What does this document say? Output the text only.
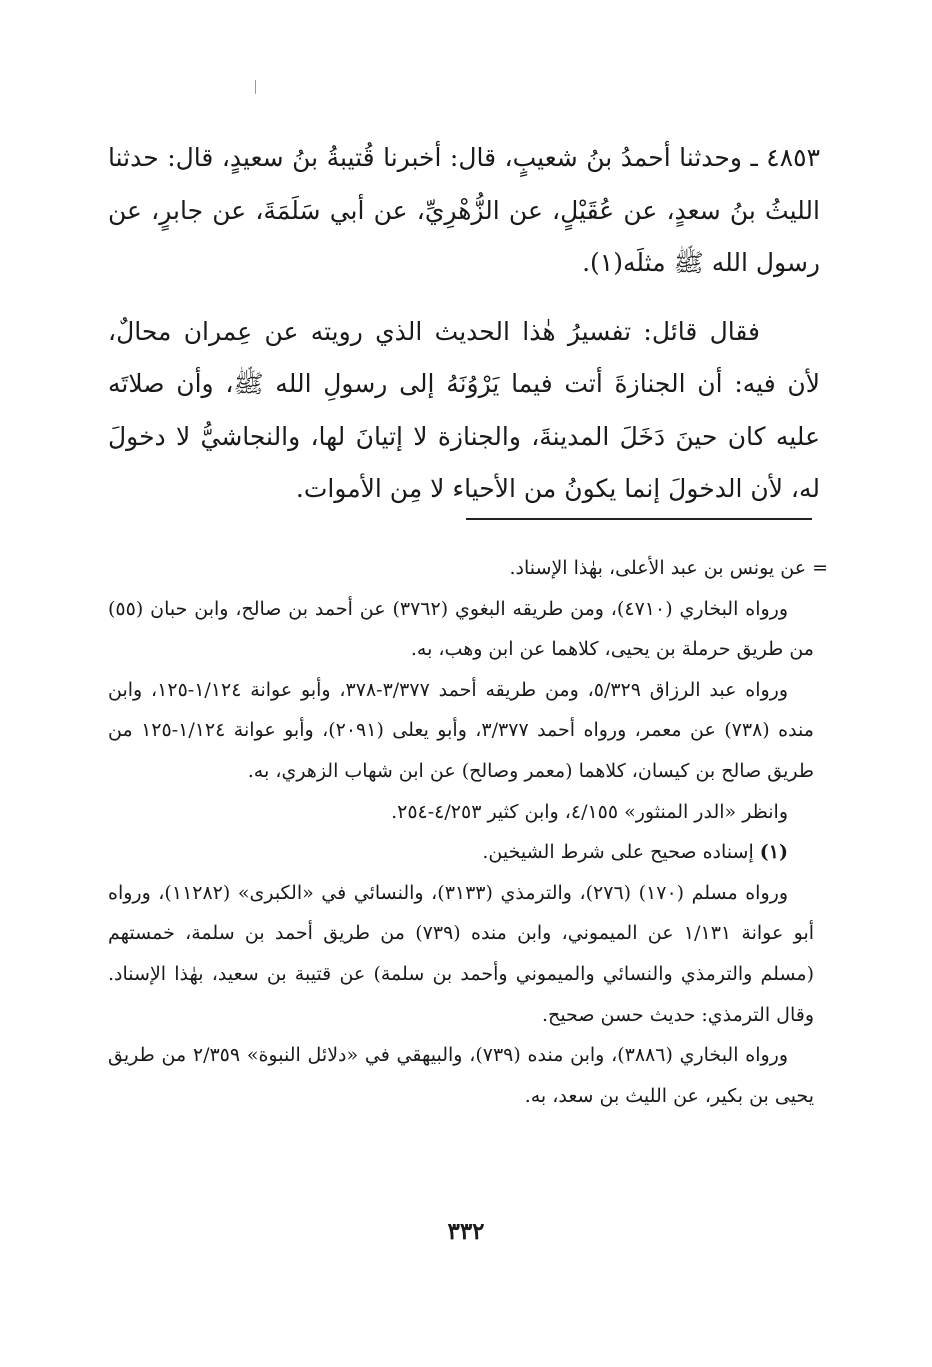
٤٨٥٣ ـ وحدثنا أحمدُ بنُ شعيبٍ، قال: أخبرنا قُتيبةُ بنُ سعيدٍ، قال: حدثنا الليثُ بنُ سعدٍ، عن عُقَيْلٍ، عن الزُّهْرِيِّ، عن أبي سَلَمَةَ، عن جابرٍ، عن رسول الله ﷺ مثلَه(١).

فقال قائل: تفسيرُ هٰذا الحديث الذي رويته عن عِمران محالٌ، لأن فيه: أن الجنازةَ أتت فيما يَرْوُنَهُ إلى رسولِ الله ﷺ، وأن صلاتَه عليه كان حينَ دَخَلَ المدينةَ، والجنازة لا إتيانَ لها، والنجاشيُّ لا دخولَ له، لأن الدخولَ إنما يكونُ من الأحياء لا مِن الأموات.

= عن يونس بن عبد الأعلى، بهٰذا الإسناد.

ورواه البخاري (٤٧١٠)، ومن طريقه البغوي (٣٧٦٢) عن أحمد بن صالح، وابن حبان (٥٥) من طريق حرملة بن يحيى، كلاهما عن ابن وهب، به.

ورواه عبد الرزاق ٥/٣٢٩، ومن طريقه أحمد ٣/٣٧٧-٣٧٨، وأبو عوانة ١/١٢٤-١٢٥، وابن منده (٧٣٨) عن معمر، ورواه أحمد ٣/٣٧٧، وأبو يعلى (٢٠٩١)، وأبو عوانة ١/١٢٤-١٢٥ من طريق صالح بن كيسان، كلاهما (معمر وصالح) عن ابن شهاب الزهري، به.

وانظر «الدر المنثور» ٤/١٥٥، وابن كثير ٤/٢٥٣-٢٥٤.

(١) إسناده صحيح على شرط الشيخين.

ورواه مسلم (١٧٠) (٢٧٦)، والترمذي (٣١٣٣)، والنسائي في «الكبرى» (١١٢٨٢)، ورواه أبو عوانة ١/١٣١ عن الميموني، وابن منده (٧٣٩) من طريق أحمد بن سلمة، خمستهم (مسلم والترمذي والنسائي والميموني وأحمد بن سلمة) عن قتيبة بن سعيد، بهٰذا الإسناد. وقال الترمذي: حديث حسن صحيح.

ورواه البخاري (٣٨٨٦)، وابن منده (٧٣٩)، والبيهقي في «دلائل النبوة» ٢/٣٥٩ من طريق يحيى بن بكير، عن الليث بن سعد، به.

٣٣٢
